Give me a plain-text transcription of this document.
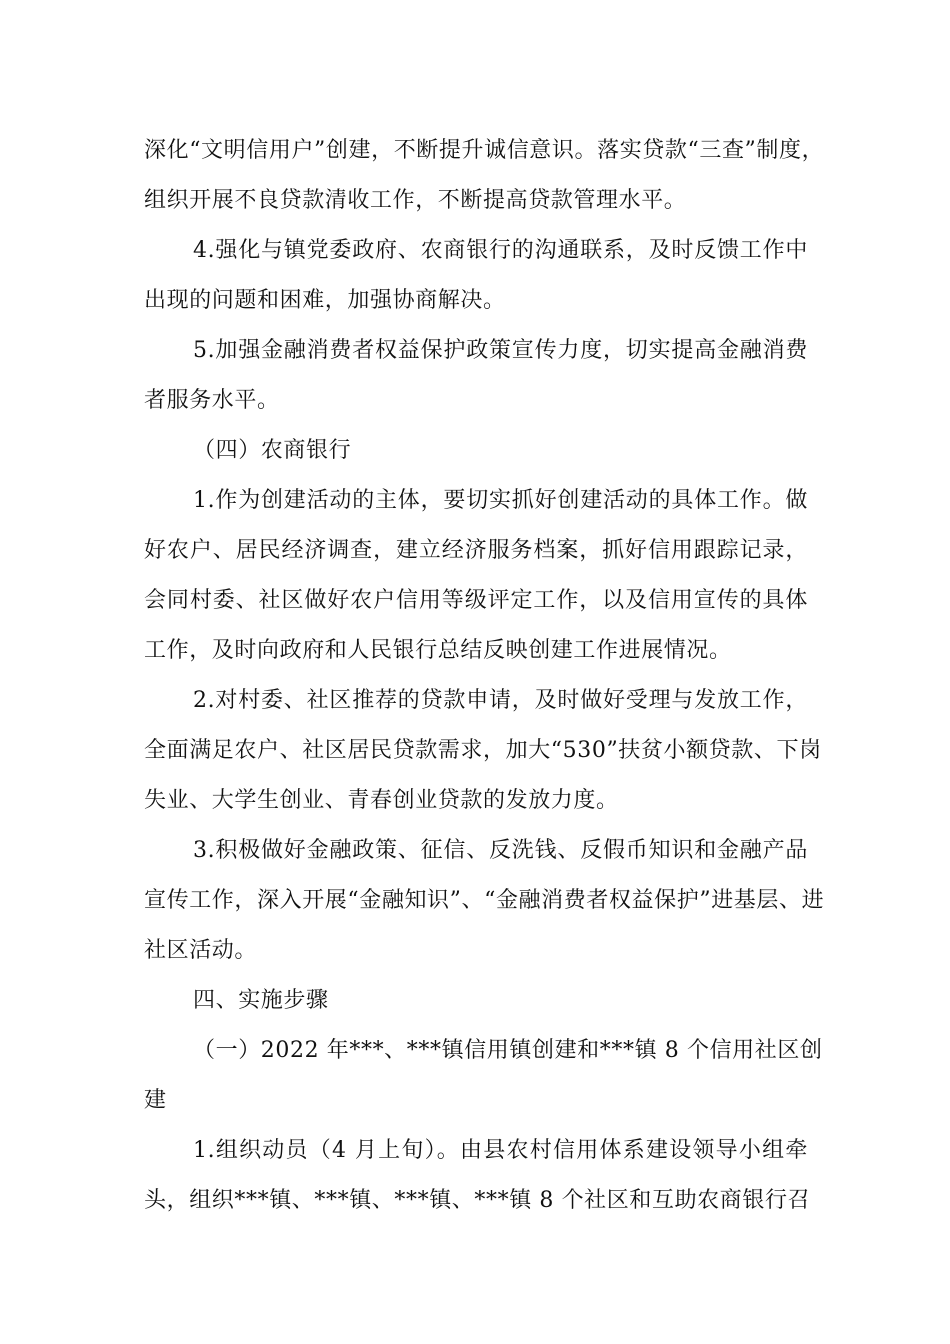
深化“文明信用户”创建，不断提升诚信意识。落实贷款“三查”制度，
组织开展不良贷款清收工作，不断提高贷款管理水平。
4.强化与镇党委政府、农商银行的沟通联系，及时反馈工作中
出现的问题和困难，加强协商解决。
5.加强金融消费者权益保护政策宣传力度，切实提高金融消费
者服务水平。
（四）农商银行
1.作为创建活动的主体，要切实抓好创建活动的具体工作。做
好农户、居民经济调查，建立经济服务档案，抓好信用跟踪记录，
会同村委、社区做好农户信用等级评定工作，以及信用宣传的具体
工作，及时向政府和人民银行总结反映创建工作进展情况。
2.对村委、社区推荐的贷款申请，及时做好受理与发放工作，
全面满足农户、社区居民贷款需求，加大“530”扶贫小额贷款、下岗
失业、大学生创业、青春创业贷款的发放力度。
3.积极做好金融政策、征信、反洗钱、反假币知识和金融产品
宣传工作，深入开展“金融知识”、“金融消费者权益保护”进基层、进
社区活动。
四、实施步骤
（一）2022 年***、***镇信用镇创建和***镇 8 个信用社区创
建
1.组织动员（4 月上旬）。由县农村信用体系建设领导小组牵
头，组织***镇、***镇、***镇、***镇 8 个社区和互助农商银行召
